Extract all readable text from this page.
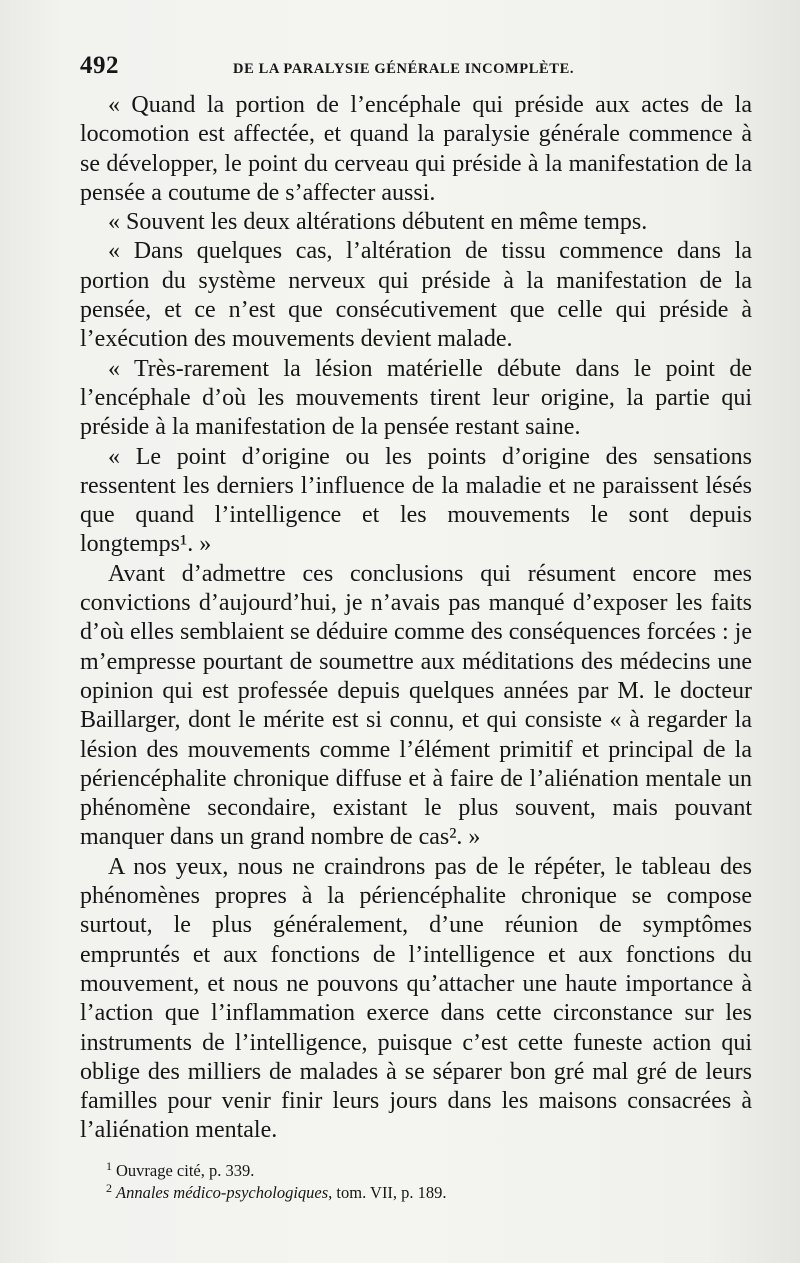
492	DE LA PARALYSIE GÉNÉRALE INCOMPLÈTE.

« Quand la portion de l’encéphale qui préside aux actes de la locomotion est affectée, et quand la paralysie générale commence à se développer, le point du cerveau qui préside à la manifestation de la pensée a coutume de s’affecter aussi.

« Souvent les deux altérations débutent en même temps.

« Dans quelques cas, l’altération de tissu commence dans la portion du système nerveux qui préside à la manifestation de la pensée, et ce n’est que consécutivement que celle qui préside à l’exécution des mouvements devient malade.

« Très-rarement la lésion matérielle débute dans le point de l’encéphale d’où les mouvements tirent leur origine, la partie qui préside à la manifestation de la pensée restant saine.

« Le point d’origine ou les points d’origine des sensations ressentent les derniers l’influence de la maladie et ne paraissent lésés que quand l’intelligence et les mouvements le sont depuis longtemps¹. »

Avant d’admettre ces conclusions qui résument encore mes convictions d’aujourd’hui, je n’avais pas manqué d’exposer les faits d’où elles semblaient se déduire comme des conséquences forcées : je m’empresse pourtant de soumettre aux méditations des médecins une opinion qui est professée depuis quelques années par M. le docteur Baillarger, dont le mérite est si connu, et qui consiste « à regarder la lésion des mouvements comme l’élément primitif et principal de la périencéphalite chronique diffuse et à faire de l’aliénation mentale un phénomène secondaire, existant le plus souvent, mais pouvant manquer dans un grand nombre de cas². »

A nos yeux, nous ne craindrons pas de le répéter, le tableau des phénomènes propres à la périencéphalite chronique se compose surtout, le plus généralement, d’une réunion de symptômes empruntés et aux fonctions de l’intelligence et aux fonctions du mouvement, et nous ne pouvons qu’attacher une haute importance à l’action que l’inflammation exerce dans cette circonstance sur les instruments de l’intelligence, puisque c’est cette funeste action qui oblige des milliers de malades à se séparer bon gré mal gré de leurs familles pour venir finir leurs jours dans les maisons consacrées à l’aliénation mentale.

$^1$ Ouvrage cité, p. 339.
$^2$ Annales médico-psychologiques, tom. VII, p. 189.
